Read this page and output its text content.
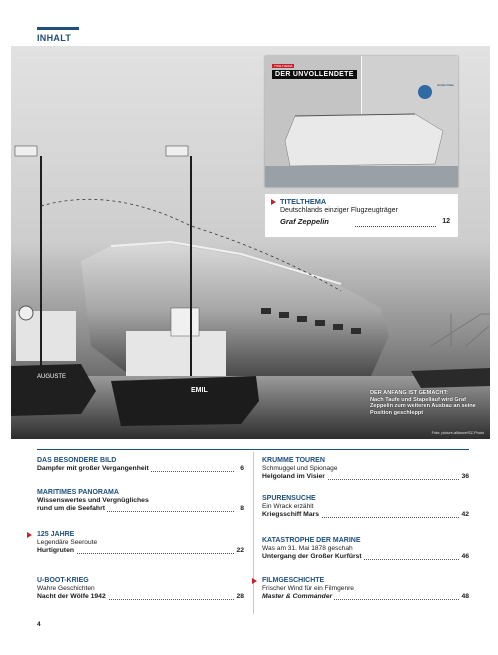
INHALT
AUGUSTE
EMIL	DER ANFANG IST GEMACHT:
Nach Taufe und Stapellauf wird Graf Zeppelin zum weiteren Ausbau an seine Position geschleppt
Foto: picture-alliance/SZ-Photo
TITELTHEMA
DER UNVOLLENDETE
Große Flotte
TITELTHEMA
Deutschlands einziger Flugzeugträger
Graf Zeppelin	12
DAS BESONDERE BILD
Dampfer mit großer Vergangenheit	6
MARITIMES PANORAMA
Wissenswertes und Vergnügliches
rund um die Seefahrt	8
125 JAHRE
Legendäre Seeroute
Hurtigruten	22
U-BOOT-KRIEG
Wahre Geschichten
Nacht der Wölfe 1942	28
KRUMME TOUREN
Schmuggel und Spionage
Helgoland im Visier	36
SPURENSUCHE
Ein Wrack erzählt
Kriegsschiff Mars	42
KATASTROPHE DER MARINE
Was am 31. Mai 1878 geschah
Untergang der Großer Kurfürst	46
FILMGESCHICHTE
Frischer Wind für ein Filmgenre
Master & Commander	48
4
